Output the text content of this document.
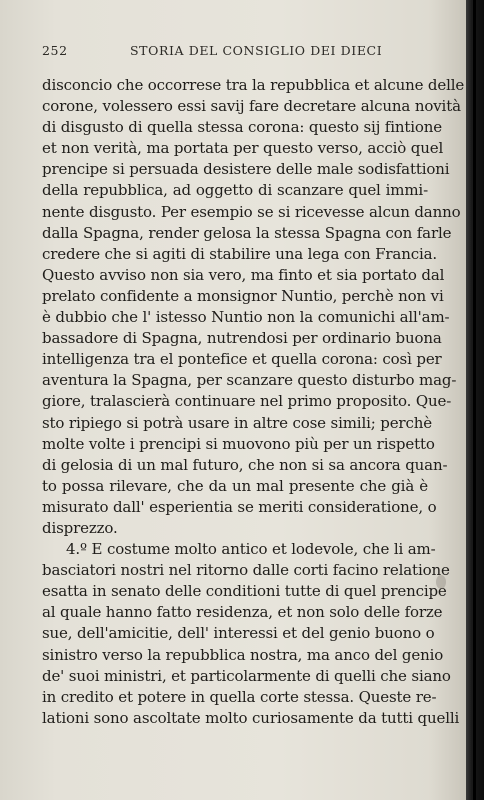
252	STORIA DEL CONSIGLIO DEI DIECI
disconcio che occorrese tra la repubblica et alcune delle
corone, volessero essi savij fare decretare alcuna novità
di disgusto di quella stessa corona: questo sij fintione
et non verità, ma portata per questo verso, acciò quel
prencipe si persuada desistere delle male sodisfattioni
della repubblica, ad oggetto di scanzare quel immi-
nente disgusto. Per esempio se si ricevesse alcun danno
dalla Spagna, render gelosa la stessa Spagna con farle
credere che si agiti di stabilire una lega con Francia.
Questo avviso non sia vero, ma finto et sia portato dal
prelato confidente a monsignor Nuntio, perchè non vi
è dubbio che l' istesso Nuntio non la comunichi all'am-
bassadore di Spagna, nutrendosi per ordinario buona
intelligenza tra el pontefice et quella corona: così per
aventura la Spagna, per scanzare questo disturbo mag-
giore, tralascierà continuare nel primo proposito. Que-
sto ripiego si potrà usare in altre cose simili; perchè
molte volte i prencipi si muovono più per un rispetto
di gelosia di un mal futuro, che non si sa ancora quan-
to possa rilevare, che da un mal presente che già è
misurato dall' esperientia se meriti consideratione, o
disprezzo.
4.º E costume molto antico et lodevole, che li am-
basciatori nostri nel ritorno dalle corti facino relatione
esatta in senato delle conditioni tutte di quel prencipe
al quale hanno fatto residenza, et non solo delle forze
sue, dell'amicitie, dell' interessi et del genio buono o
sinistro verso la repubblica nostra, ma anco del genio
de' suoi ministri, et particolarmente di quelli che siano
in credito et potere in quella corte stessa. Queste re-
lationi sono ascoltate molto curiosamente da tutti quelli
